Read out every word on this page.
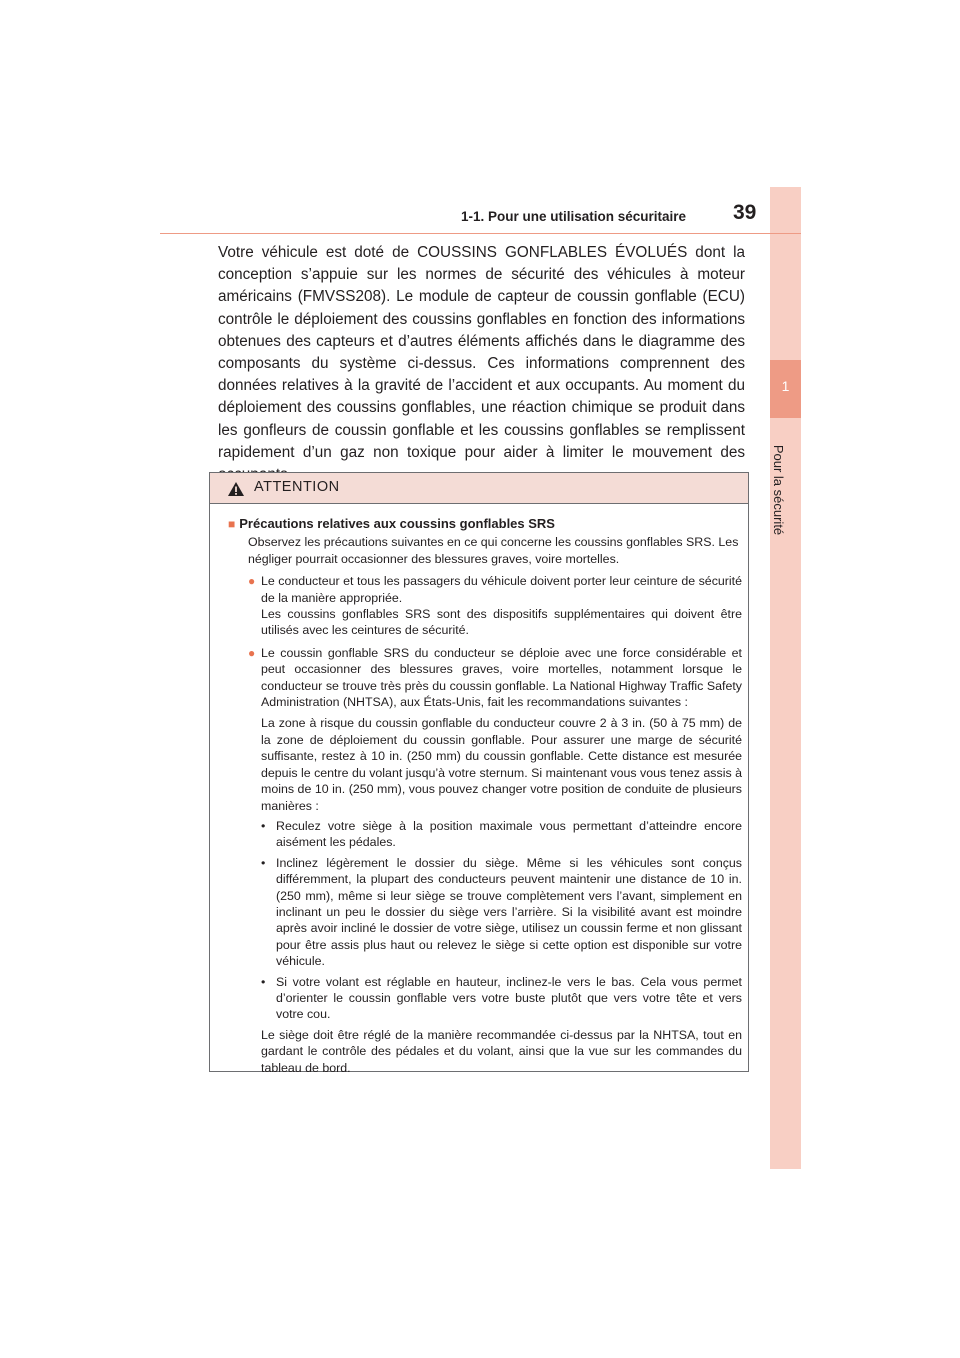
1
Pour la sécurité
1-1. Pour une utilisation sécuritaire 39
Votre véhicule est doté de COUSSINS GONFLABLES ÉVOLUÉS dont la conception s’appuie sur les normes de sécurité des véhicules à moteur américains (FMVSS208). Le module de capteur de coussin gonflable (ECU) contrôle le déploiement des coussins gonflables en fonction des informations obtenues des capteurs et d’autres éléments affichés dans le diagramme des composants du système ci-dessus. Ces informations comprennent des données relatives à la gravité de l’accident et aux occupants. Au moment du déploiement des coussins gonflables, une réaction chimique se produit dans les gonfleurs de coussin gonflable et les coussins gonflables se remplissent rapidement d’un gaz non toxique pour aider à limiter le mouvement des
ATTENTION
■ Précautions relatives aux coussins gonflables SRS

Observez les précautions suivantes en ce qui concerne les coussins gonflables SRS. Les négliger pourrait occasionner des blessures graves, voire mortelles.

● Le conducteur et tous les passagers du véhicule doivent porter leur ceinture de sécurité de la manière appropriée.

Les coussins gonflables SRS sont des dispositifs supplémentaires qui doivent être utilisés avec les ceintures de sécurité.

● Le coussin gonflable SRS du conducteur se déploie avec une force considérable et peut occasionner des blessures graves, voire mortelles, notamment lorsque le conducteur se trouve très près du coussin gonflable. La National Highway Traffic Safety Administration (NHTSA), aux États-Unis, fait les recommandations suivantes :

La zone à risque du coussin gonflable du conducteur couvre 2 à 3 in. (50 à 75 mm) de la zone de déploiement du coussin gonflable. Pour assurer une marge de sécurité suffisante, restez à 10 in. (250 mm) du coussin gonflable. Cette distance est mesurée depuis le centre du volant jusqu’à votre sternum. Si maintenant vous vous tenez assis à moins de 10 in. (250 mm), vous pouvez changer votre position de conduite de plusieurs manières :

• Reculez votre siège à la position maximale vous permettant d’atteindre encore aisément les pédales.
• Inclinez légèrement le dossier du siège. Même si les véhicules sont conçus différemment, la plupart des conducteurs peuvent maintenir une distance de 10 in. (250 mm), même si leur siège se trouve complètement vers l’avant, simplement en inclinant un peu le dossier du siège vers l’arrière. Si la visibilité avant est moindre après avoir incliné le dossier de votre siège, utilisez un coussin ferme et non glissant pour être assis plus haut ou relevez le siège si cette option est disponible sur votre véhicule.
• Si votre volant est réglable en hauteur, inclinez-le vers le bas. Cela vous permet d’orienter le coussin gonflable vers votre buste plutôt que vers votre tête et vers votre cou.

Le siège doit être réglé de la manière recommandée ci-dessus par la NHTSA, tout en gardant le contrôle des pédales et du volant, ainsi que la vue sur les commandes du tableau de bord.
